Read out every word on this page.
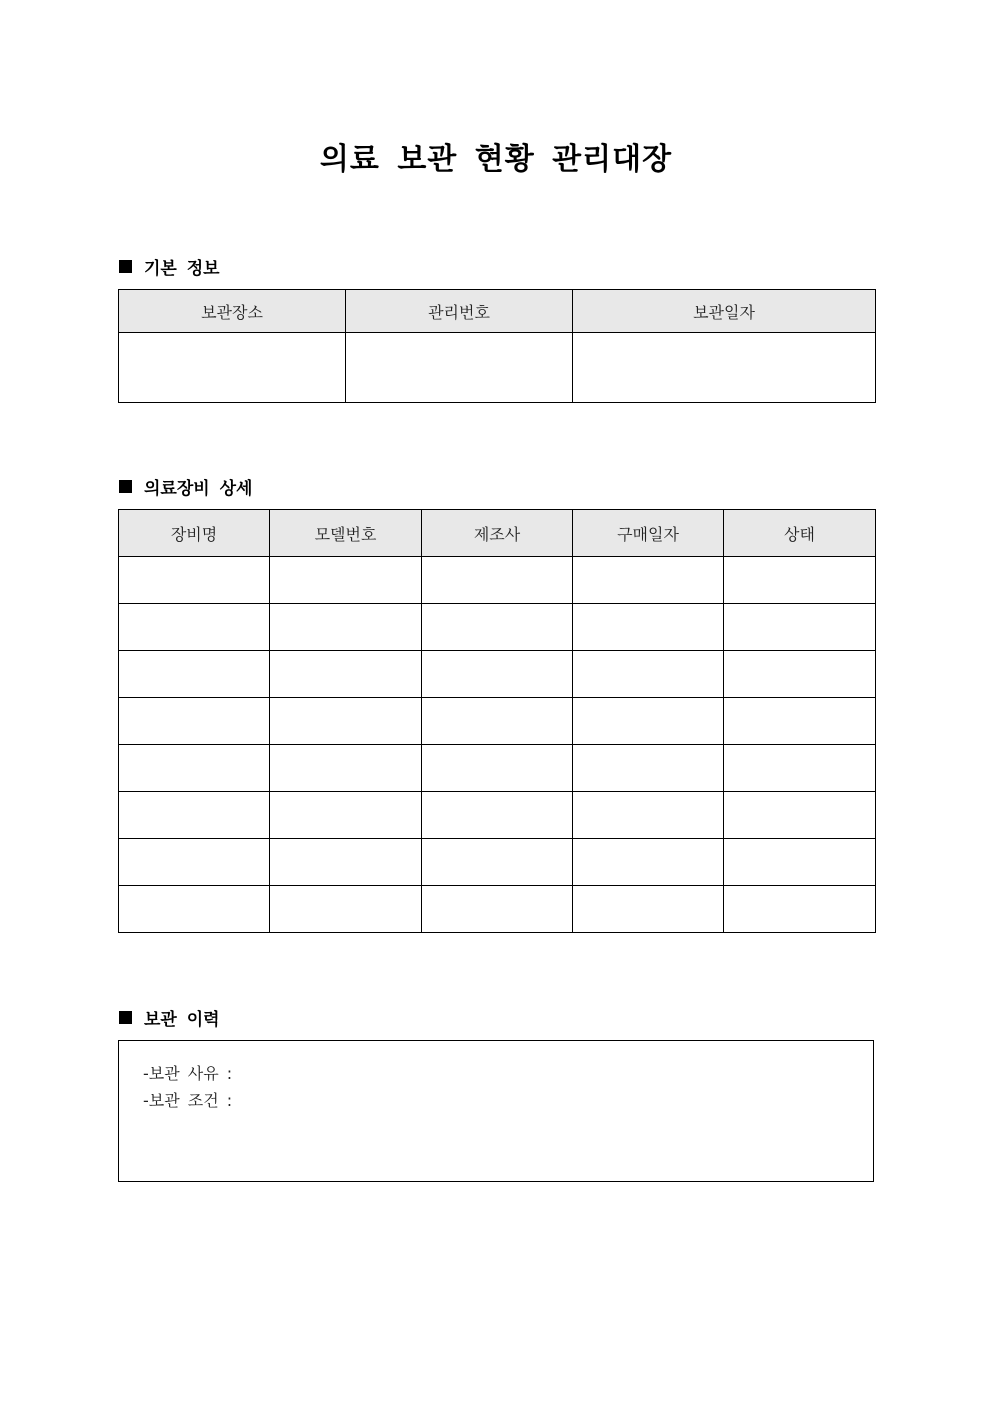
의료 보관 현황 관리대장
기본 정보
보관장소	관리번호	보관일자

의료장비 상세
장비명	모델번호	제조사	구매일자	상태

보관 이력
-보관 사유 :
-보관 조건 :
